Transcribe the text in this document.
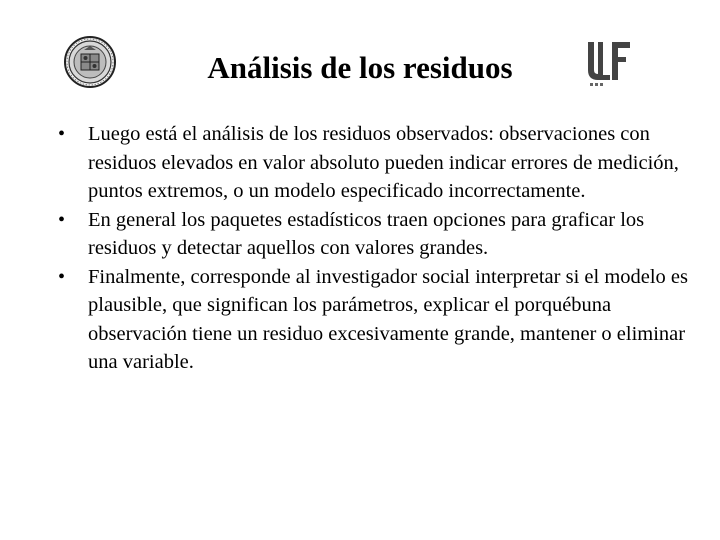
Análisis de los residuos
• Luego está el análisis de los residuos observados: observaciones con residuos elevados en valor absoluto pueden indicar errores de medición, puntos extremos, o un modelo especificado incorrectamente.
• En general los paquetes estadísticos traen opciones para graficar los residuos y detectar aquellos con valores grandes.
• Finalmente, corresponde al investigador social interpretar si el modelo es plausible, que significan los parámetros, explicar el porquébuna observación tiene un residuo excesivamente grande, mantener o eliminar una variable.
